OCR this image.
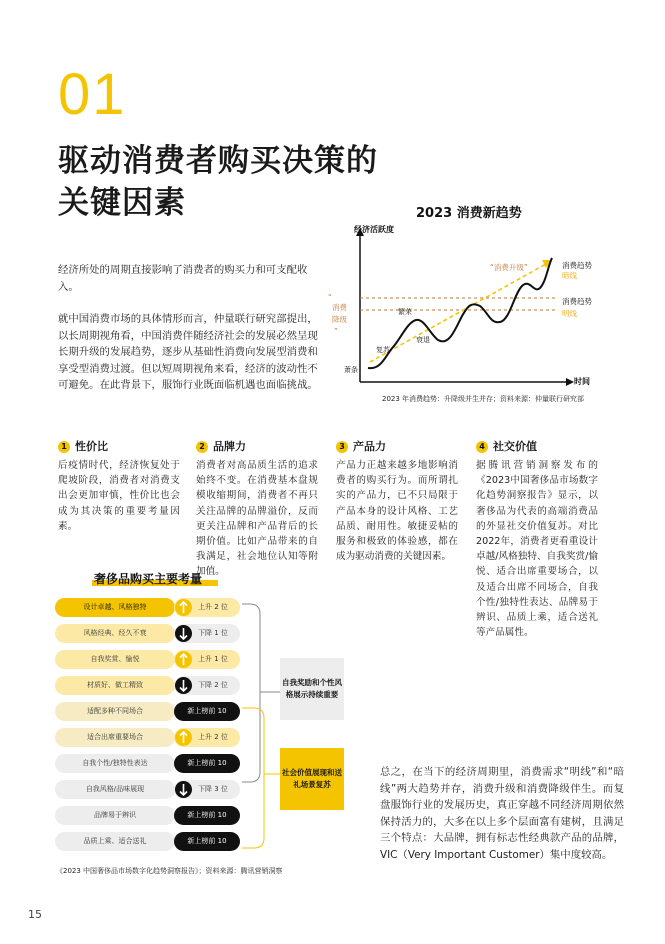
01
驱动消费者购买决策的
关键因素
经济所处的周期直接影响了消费者的购买力和可支配收入。
就中国消费市场的具体情形而言，仲量联行研究部提出，以长周期视角看，中国消费伴随经济社会的发展必然呈现长期升级的发展趋势，逐步从基础性消费向发展型消费和享受型消费过渡。但以短周期视角来看，经济的波动性不可避免。在此背景下，服饰行业既面临机遇也面临挑战。
2023 消费新趋势
经济活跃度
时间
萧条
复苏
繁荣
衰退
“消费升级”
“
消费
降级
”
消费趋势
暗线
消费趋势
明线
2023 年消费趋势：升降级并生并存；资料来源：仲量联行研究部
1 性价比
后疫情时代，经济恢复处于爬坡阶段，消费者对消费支出会更加审慎，性价比也会成为其决策的重要考量因素。
2 品牌力
消费者对高品质生活的追求始终不变。在消费基本盘规模收缩期间，消费者不再只关注品牌的品牌溢价，反而更关注品牌和产品背后的长期价值。比如产品带来的自我满足，社会地位认知等附加值。
3 产品力
产品力正越来越多地影响消费者的购买行为。而所谓扎实的产品力，已不只局限于产品本身的设计风格、工艺品质、耐用性。敏捷妥帖的服务和极致的体验感，都在成为驱动消费的关键因素。
4 社交价值
据腾讯营销洞察发布的《2023中国奢侈品市场数字化趋势洞察报告》显示，以奢侈品为代表的高端消费品的外显社交价值复苏。对比2022年，消费者更看重设计卓越/风格独特、自我奖赏/愉悦、适合出席重要场合，以及适合出席不同场合，自我个性/独特性表达、品牌易于辨识、品质上乘，适合送礼等产品属性。
奢侈品购买主要考量
设计卓越、风格独特	上升 2 位
风格经典、经久不衰	下降 1 位
自我奖赏、愉悦	上升 1 位
材质好、做工精致	下降 2 位
适配多种不同场合	新上榜前 10
适合出席重要场合	上升 2 位
自我个性/独特性表达	新上榜前 10
自我风格/品味展现	下降 3 位
品牌易于辨识	新上榜前 10
品质上乘、适合送礼	新上榜前 10
自我奖励和个性风格展示持续重要
社会价值展现和送礼场景复苏
《2023 中国奢侈品市场数字化趋势洞察报告》；资料来源：腾讯营销洞察
总之，在当下的经济周期里，消费需求“明线”和“暗线”两大趋势并存，消费升级和消费降级伴生。而复盘服饰行业的发展历史，真正穿越不同经济周期依然保持活力的，大多在以上多个层面富有建树，且满足三个特点：大品牌，拥有标志性经典款产品的品牌，VIC（Very Important Customer）集中度较高。
15
